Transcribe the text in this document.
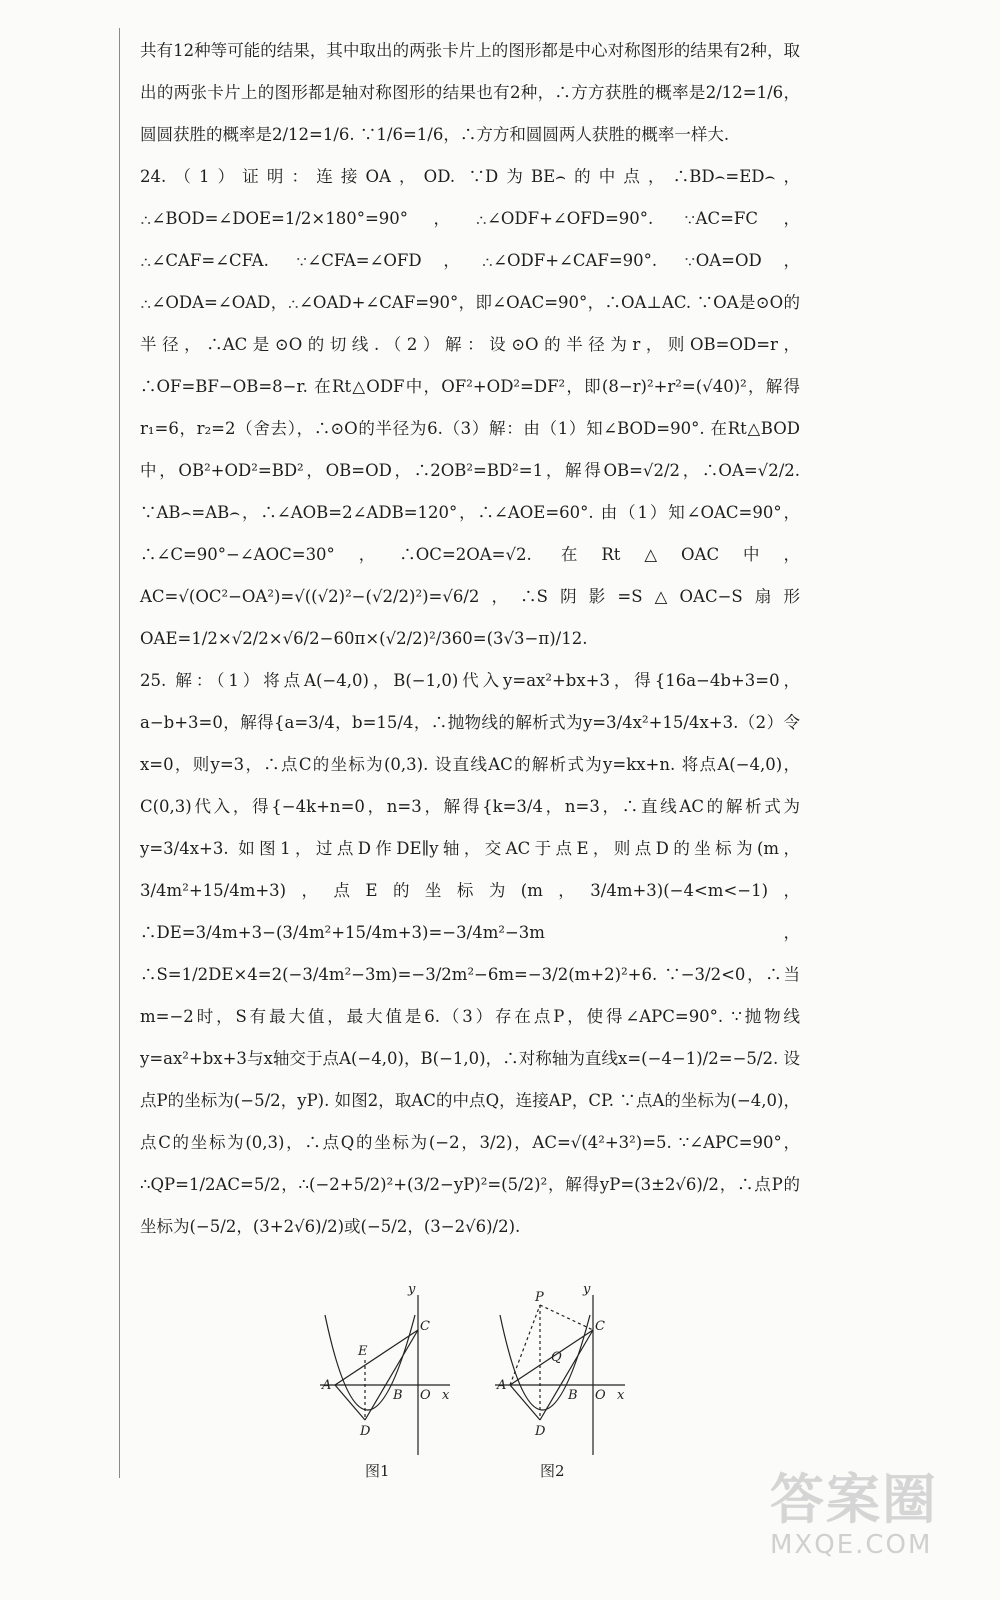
共有12种等可能的结果，其中取出的两张卡片上的图形都是中心对称图形的结果有2种，取出的两张卡片上的图形都是轴对称图形的结果也有2种，∴方方获胜的概率是2/12=1/6，圆圆获胜的概率是2/12=1/6. ∵1/6=1/6，∴方方和圆圆两人获胜的概率一样大.

24.（1）证明：连接OA，OD. ∵D为BE⌢的中点，∴BD⌢=ED⌢，∴∠BOD=∠DOE=1/2×180°=90°，∴∠ODF+∠OFD=90°. ∵AC=FC，∴∠CAF=∠CFA. ∵∠CFA=∠OFD，∴∠ODF+∠CAF=90°. ∵OA=OD，∴∠ODA=∠OAD，∴∠OAD+∠CAF=90°，即∠OAC=90°，∴OA⊥AC. ∵OA是⊙O的半径，∴AC是⊙O的切线.（2）解：设⊙O的半径为r，则OB=OD=r，∴OF=BF−OB=8−r. 在Rt△ODF中，OF²+OD²=DF²，即(8−r)²+r²=(√40)²，解得r₁=6，r₂=2（舍去），∴⊙O的半径为6.（3）解：由（1）知∠BOD=90°. 在Rt△BOD中，OB²+OD²=BD²，OB=OD，∴2OB²=BD²=1，解得OB=√2/2，∴OA=√2/2. ∵AB⌢=AB⌢，∴∠AOB=2∠ADB=120°，∴∠AOE=60°. 由（1）知∠OAC=90°，∴∠C=90°−∠AOC=30°，∴OC=2OA=√2. 在Rt△OAC中，AC=√(OC²−OA²)=√((√2)²−(√2/2)²)=√6/2，∴S阴影=S△OAC−S扇形OAE=1/2×√2/2×√6/2−60π×(√2/2)²/360=(3√3−π)/12.

25. 解：（1）将点A(−4,0)，B(−1,0)代入y=ax²+bx+3，得{16a−4b+3=0，a−b+3=0，解得{a=3/4，b=15/4，∴抛物线的解析式为y=3/4x²+15/4x+3.（2）令x=0，则y=3，∴点C的坐标为(0,3). 设直线AC的解析式为y=kx+n. 将点A(−4,0)，C(0,3)代入，得{−4k+n=0，n=3，解得{k=3/4，n=3，∴直线AC的解析式为y=3/4x+3. 如图1，过点D作DE∥y轴，交AC于点E，则点D的坐标为(m，3/4m²+15/4m+3)，点E的坐标为(m，3/4m+3)(−4<m<−1)，∴DE=3/4m+3−(3/4m²+15/4m+3)=−3/4m²−3m，∴S=1/2DE×4=2(−3/4m²−3m)=−3/2m²−6m=−3/2(m+2)²+6. ∵−3/2<0，∴当m=−2时，S有最大值，最大值是6.（3）存在点P，使得∠APC=90°. ∵抛物线y=ax²+bx+3与x轴交于点A(−4,0)，B(−1,0)，∴对称轴为直线x=(−4−1)/2=−5/2. 设点P的坐标为(−5/2，yP). 如图2，取AC的中点Q，连接AP，CP. ∵点A的坐标为(−4,0)，点C的坐标为(0,3)，∴点Q的坐标为(−2，3/2)，AC=√(4²+3²)=5. ∵∠APC=90°，∴QP=1/2AC=5/2，∴(−2+5/2)²+(3/2−yP)²=(5/2)²，解得yP=(3±2√6)/2，∴点P的坐标为(−5/2，(3+2√6)/2)或(−5/2，(3−2√6)/2).

y
C
E
A
B O x
D
y
P
C
Q
A
B O x
D
图1	图2	答案圈
MXQE.COM
